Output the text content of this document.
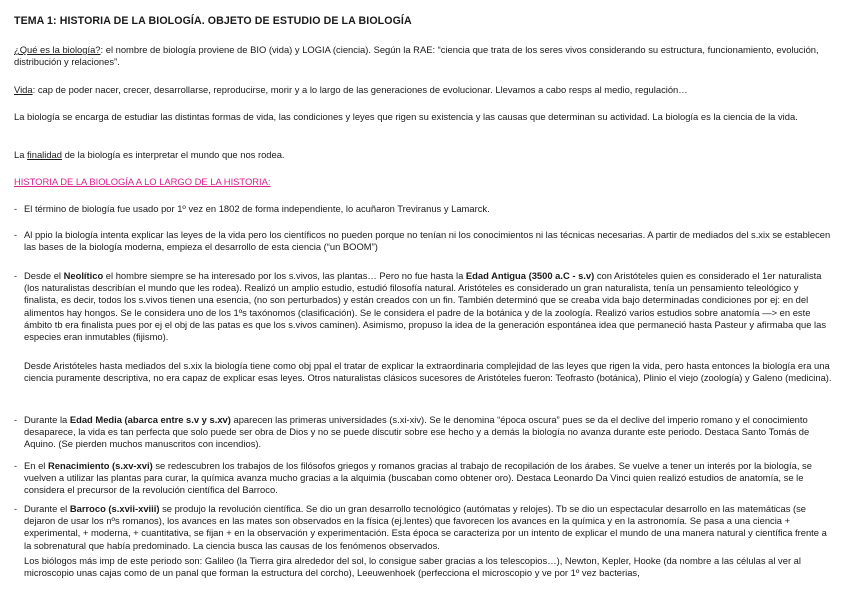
TEMA 1: HISTORIA DE LA BIOLOGÍA. OBJETO DE ESTUDIO DE LA BIOLOGÍA

¿Qué es la biología?: el nombre de biología proviene de BIO (vida) y LOGIA (ciencia). Según la RAE: “ciencia que trata de los seres vivos considerando su estructura, funcionamiento, evolución, distribución y relaciones”.

Vida: cap de poder nacer, crecer, desarrollarse, reproducirse, morir y a lo largo de las generaciones de evolucionar. Llevamos a cabo resps al medio, regulación…

La biología se encarga de estudiar las distintas formas de vida, las condiciones y leyes que rigen su existencia y las causas que determinan su actividad. La biología es la ciencia de la vida.

La finalidad de la biología es interpretar el mundo que nos rodea.

HISTORIA DE LA BIOLOGÍA A LO LARGO DE LA HISTORIA:

- El término de biología fue usado por 1º vez en 1802 de forma independiente, lo acuñaron Treviranus y Lamarck.

- Al ppio la biología intenta explicar las leyes de la vida pero los científicos no pueden porque no tenían ni los conocimientos ni las técnicas necesarias. A partir de mediados del s.xix se establecen las bases de la biología moderna, empieza el desarrollo de esta ciencia (“un BOOM”)

- Desde el Neolítico el hombre siempre se ha interesado por los s.vivos, las plantas… Pero no fue hasta la Edad Antigua (3500 a.C - s.v) con Aristóteles quien es considerado el 1er naturalista (los naturalistas describían el mundo que les rodea). Realizó un amplio estudio, estudió filosofía natural. Aristóteles es considerado un gran naturalista, tenía un pensamiento teleológico y finalista, es decir, todos los s.vivos tienen una esencia, (no son perturbados) y están creados con un fin. También determinó que se creaba vida bajo determinadas condiciones por ej: en del alimentos hay hongos. Se le considera uno de los 1ºs taxónomos (clasificación). Se le considera el padre de la botánica y de la zoología. Realizó varios estudios sobre anatomía —> en este ámbito tb era finalista pues por ej el obj de las patas es que los s.vivos caminen). Asimismo, propuso la idea de la generación espontánea idea que permaneció hasta Pasteur y afirmaba que las especies eran inmutables (fijismo).

Desde Aristóteles hasta mediados del s.xix la biología tiene como obj ppal el tratar de explicar la extraordinaria complejidad de las leyes que rigen la vida, pero hasta entonces la biología era una ciencia puramente descriptiva, no era capaz de explicar esas leyes. Otros naturalistas clásicos sucesores de Aristóteles fueron: Teofrasto (botánica), Plinio el viejo (zoología) y Galeno (medicina).

- Durante la Edad Media (abarca entre s.v y s.xv) aparecen las primeras universidades (s.xi-xiv). Se le denomina “época oscura” pues se da el declive del imperio romano y el conocimiento desaparece, la vida es tan perfecta que solo puede ser obra de Dios y no se puede discutir sobre ese hecho y a demás la biología no avanza durante este periodo. Destaca Santo Tomás de Aquino. (Se pierden muchos manuscritos con incendios).

- En el Renacimiento (s.xv-xvi) se redescubren los trabajos de los filósofos griegos y romanos gracias al trabajo de recopilación de los árabes. Se vuelve a tener un interés por la biología, se vuelven a utilizar las plantas para curar, la química avanza mucho gracias a la alquimia (buscaban como obtener oro). Destaca Leonardo Da Vinci quien realizó estudios de anatomía, se le considera el precursor de la revolución científica del Barroco.

- Durante el Barroco (s.xvii-xviii) se produjo la revolución científica. Se dio un gran desarrollo tecnológico (autómatas y relojes). Tb se dio un espectacular desarrollo en las matemáticas (se dejaron de usar los nºs romanos), los avances en las mates son observados en la física (ej.lentes) que favorecen los avances en la química y en la astronomía. Se pasa a una ciencia + experimental, + moderna, + cuantitativa, se fijan + en la observación y experimentación. Esta época se caracteriza por un intento de explicar el mundo de una manera natural y científica frente a la sobrenatural que había predominado. La ciencia busca las causas de los fenómenos observados.

Los biólogos más imp de este periodo son: Galileo (la Tierra gira alrededor del sol, lo consigue saber gracias a los telescopios…), Newton, Kepler, Hooke (da nombre a las células al ver al microscopio unas cajas como de un panal que forman la estructura del corcho), Leeuwenhoek (perfecciona el microscopio y ve por 1º vez bacterias,
